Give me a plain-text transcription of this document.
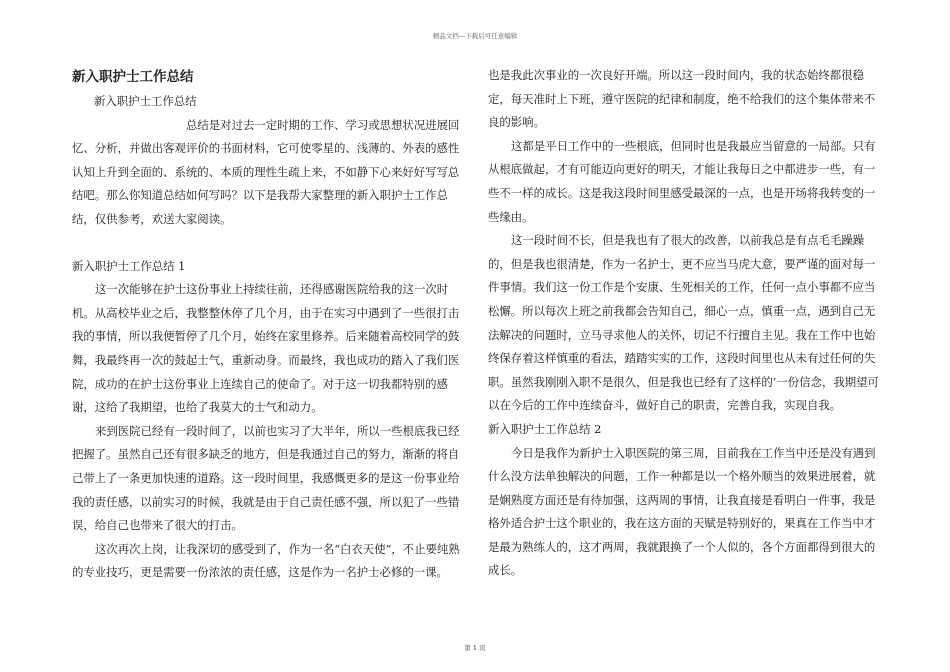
精品文档---下载后可任意编辑

新入职护士工作总结

新入职护士工作总结

总结是对过去一定时期的工作、学习或思想状况进展回忆、分析，并做出客观评价的书面材料，它可使零星的、浅薄的、外表的感性认知上升到全面的、系统的、本质的理性生疏上来，不如静下心来好好写写总结吧。那么你知道总结如何写吗？以下是我帮大家整理的新入职护士工作总结，仅供参考，欢送大家阅读。

新入职护士工作总结 1

这一次能够在护士这份事业上持续往前，还得感谢医院给我的这一次时机。从高校毕业之后，我整整休停了几个月，由于在实习中遇到了一些很打击我的事情，所以我便暂停了几个月，始终在家里修养。后来随着高校同学的鼓舞，我最终再一次的鼓起士气，重新动身。而最终，我也成功的踏入了我们医院，成功的在护士这份事业上连续自己的使命了。对于这一切我都特别的感谢，这给了我期望，也给了我莫大的士气和动力。

来到医院已经有一段时间了，以前也实习了大半年，所以一些根底我已经把握了。虽然自己还有很多缺乏的地方，但是我通过自己的努力，渐渐的将自己带上了一条更加快速的道路。这一段时间里，我感慨更多的是这一份事业给我的责任感，以前实习的时候，我就是由于自己责任感不强，所以犯了一些错误，给自己也带来了很大的打击。

这次再次上岗，让我深切的感受到了，作为一名“白衣天使”，不止要纯熟的专业技巧，更是需要一份浓浓的责任感，这是作为一名护士必修的一课。

也是我此次事业的一次良好开端。所以这一段时间内，我的状态始终都很稳定，每天准时上下班，遵守医院的纪律和制度，绝不给我们的这个集体带来不良的影响。

这都是平日工作中的一些根底，但同时也是我最应当留意的一局部。只有从根底做起，才有可能迈向更好的明天，才能让我每日之中都进步一些，有一些不一样的成长。这是我这段时间里感受最深的一点，也是开场将我转变的一些缘由。

这一段时间不长，但是我也有了很大的改善，以前我总是有点毛毛躁躁的，但是我也很清楚，作为一名护士，更不应当马虎大意，要严谨的面对每一件事情。我们这一份工作是个安康、生死相关的工作，任何一点小事都不应当松懈。所以每次上班之前我都会告知自己，细心一点，慎重一点，遇到自己无法解决的问题时，立马寻求他人的关怀，切记不行擅自主见。我在工作中也始终保存着这样慎重的看法，踏踏实实的工作，这段时间里也从未有过任何的失职。虽然我刚刚入职不是很久，但是我也已经有了这样的’一份信念，我期望可以在今后的工作中连续奋斗，做好自己的职责，完善自我，实现自我。

新入职护士工作总结 2

今日是我作为新护士入职医院的第三周，目前我在工作当中还是没有遇到什么没方法单独解决的问题，工作一种都是以一个格外顺当的效果进展着，就是娴熟度方面还是有待加强，这两周的事情，让我直接是看明白一件事，我是格外适合护士这个职业的，我在这方面的天赋是特别好的，果真在工作当中才是最为熟练人的，这才两周，我就跟换了一个人似的，各个方面都得到很大的成长。

第 1 页
